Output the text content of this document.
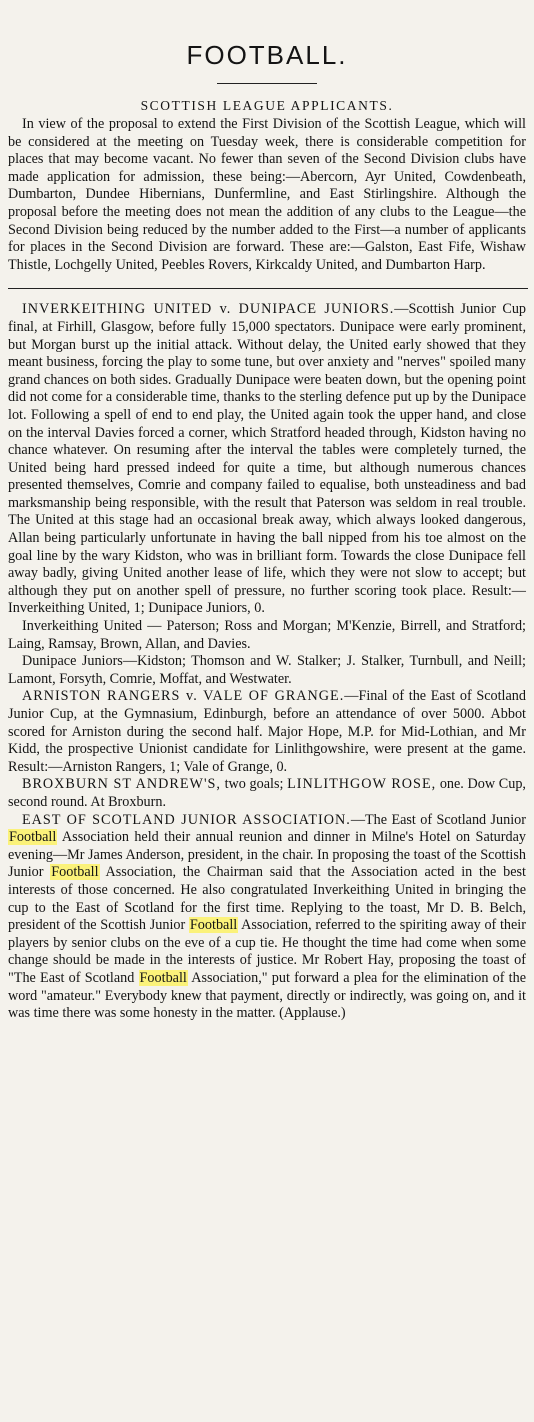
FOOTBALL.
SCOTTISH LEAGUE APPLICANTS.

In view of the proposal to extend the First Division of the Scottish League, which will be considered at the meeting on Tuesday week, there is considerable competition for places that may become vacant. No fewer than seven of the Second Division clubs have made application for admission, these being:—Abercorn, Ayr United, Cowdenbeath, Dumbarton, Dundee Hibernians, Dunfermline, and East Stirlingshire. Although the proposal before the meeting does not mean the addition of any clubs to the League—the Second Division being reduced by the number added to the First—a number of applicants for places in the Second Division are forward. These are:—Galston, East Fife, Wishaw Thistle, Lochgelly United, Peebles Rovers, Kirkcaldy United, and Dumbarton Harp.

INVERKEITHING UNITED v. DUNIPACE JUNIORS.—Scottish Junior Cup final, at Firhill, Glasgow, before fully 15,000 spectators. Dunipace were early prominent, but Morgan burst up the initial attack. Without delay, the United early showed that they meant business, forcing the play to some tune, but over anxiety and "nerves" spoiled many grand chances on both sides. Gradually Dunipace were beaten down, but the opening point did not come for a considerable time, thanks to the sterling defence put up by the Dunipace lot. Following a spell of end to end play, the United again took the upper hand, and close on the interval Davies forced a corner, which Stratford headed through, Kidston having no chance whatever. On resuming after the interval the tables were completely turned, the United being hard pressed indeed for quite a time, but although numerous chances presented themselves, Comrie and company failed to equalise, both unsteadiness and bad marksmanship being responsible, with the result that Paterson was seldom in real trouble. The United at this stage had an occasional break away, which always looked dangerous, Allan being particularly unfortunate in having the ball nipped from his toe almost on the goal line by the wary Kidston, who was in brilliant form. Towards the close Dunipace fell away badly, giving United another lease of life, which they were not slow to accept; but although they put on another spell of pressure, no further scoring took place. Result:—Inverkeithing United, 1; Dunipace Juniors, 0.

Inverkeithing United — Paterson; Ross and Morgan; M'Kenzie, Birrell, and Stratford; Laing, Ramsay, Brown, Allan, and Davies.

Dunipace Juniors—Kidston; Thomson and W. Stalker; J. Stalker, Turnbull, and Neill; Lamont, Forsyth, Comrie, Moffat, and Westwater.

ARNISTON RANGERS v. VALE OF GRANGE.—Final of the East of Scotland Junior Cup, at the Gymnasium, Edinburgh, before an attendance of over 5000. Abbot scored for Arniston during the second half. Major Hope, M.P. for Mid-Lothian, and Mr Kidd, the prospective Unionist candidate for Linlithgowshire, were present at the game. Result:—Arniston Rangers, 1; Vale of Grange, 0.

BROXBURN ST ANDREW'S, two goals; LINLITHGOW ROSE, one. Dow Cup, second round. At Broxburn.

EAST OF SCOTLAND JUNIOR ASSOCIATION.—The East of Scotland Junior Football Association held their annual reunion and dinner in Milne's Hotel on Saturday evening—Mr James Anderson, president, in the chair. In proposing the toast of the Scottish Junior Football Association, the Chairman said that the Association acted in the best interests of those concerned. He also congratulated Inverkeithing United in bringing the cup to the East of Scotland for the first time. Replying to the toast, Mr D. B. Belch, president of the Scottish Junior Football Association, referred to the spiriting away of their players by senior clubs on the eve of a cup tie. He thought the time had come when some change should be made in the interests of justice. Mr Robert Hay, proposing the toast of "The East of Scotland Football Association," put forward a plea for the elimination of the word "amateur." Everybody knew that payment, directly or indirectly, was going on, and it was time there was some honesty in the matter. (Applause.)
